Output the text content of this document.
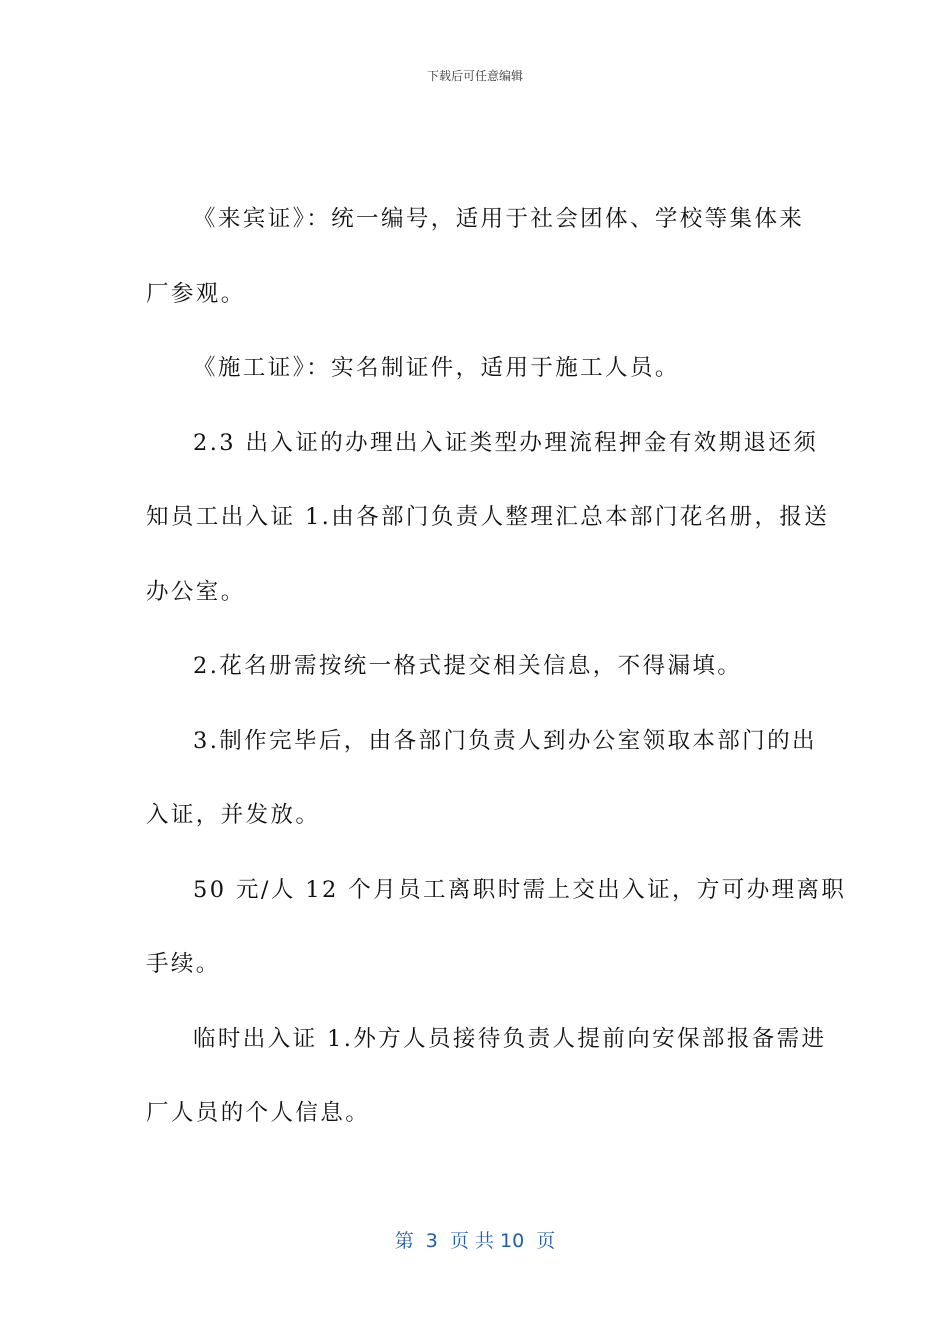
下载后可任意编辑
《来宾证》：统一编号，适用于社会团体、学校等集体来
厂参观。
《施工证》：实名制证件，适用于施工人员。
2.3 出入证的办理出入证类型办理流程押金有效期退还须
知员工出入证 1.由各部门负责人整理汇总本部门花名册，报送
办公室。
2.花名册需按统一格式提交相关信息，不得漏填。
3.制作完毕后，由各部门负责人到办公室领取本部门的出
入证，并发放。
50 元/人 12 个月员工离职时需上交出入证，方可办理离职
手续。
临时出入证 1.外方人员接待负责人提前向安保部报备需进
厂人员的个人信息。
第  3  页 共 10  页
